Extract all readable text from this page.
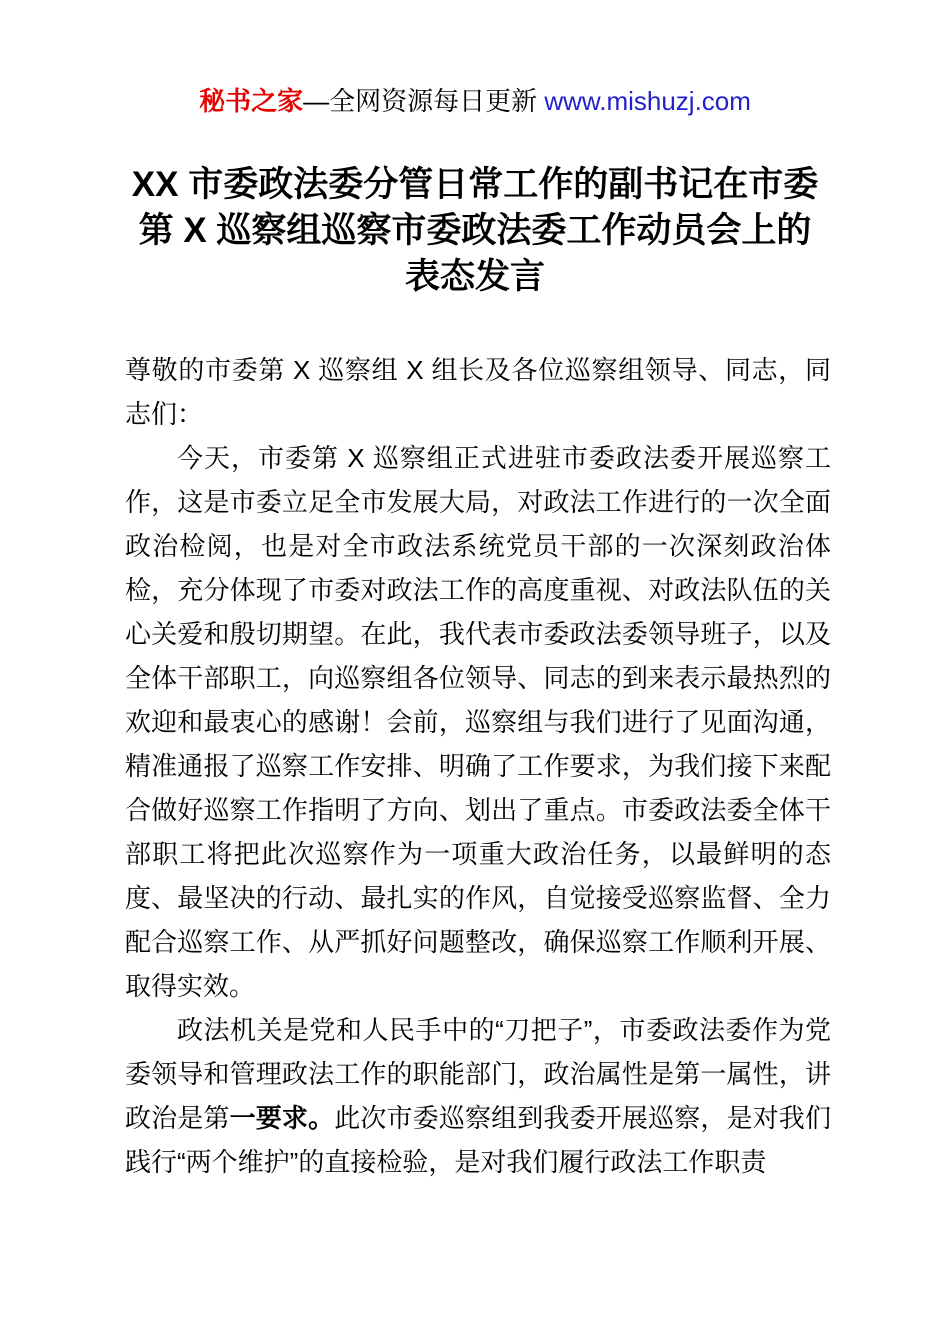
秘书之家—全网资源每日更新 www.mishuzj.com
XX 市委政法委分管日常工作的副书记在市委
第 X 巡察组巡察市委政法委工作动员会上的
表态发言

尊敬的市委第 X 巡察组 X 组长及各位巡察组领导、同志，同志们：

今天，市委第 X 巡察组正式进驻市委政法委开展巡察工作，这是市委立足全市发展大局，对政法工作进行的一次全面政治检阅，也是对全市政法系统党员干部的一次深刻政治体检，充分体现了市委对政法工作的高度重视、对政法队伍的关心关爱和殷切期望。在此，我代表市委政法委领导班子，以及全体干部职工，向巡察组各位领导、同志的到来表示最热烈的欢迎和最衷心的感谢！会前，巡察组与我们进行了见面沟通，精准通报了巡察工作安排、明确了工作要求，为我们接下来配合做好巡察工作指明了方向、划出了重点。市委政法委全体干部职工将把此次巡察作为一项重大政治任务，以最鲜明的态度、最坚决的行动、最扎实的作风，自觉接受巡察监督、全力配合巡察工作、从严抓好问题整改，确保巡察工作顺利开展、取得实效。

政法机关是党和人民手中的“刀把子”，市委政法委作为党委领导和管理政法工作的职能部门，政治属性是第一属性，讲政治是第一要求。此次市委巡察组到我委开展巡察，是对我们践行“两个维护”的直接检验，是对我们履行政法工作职责
